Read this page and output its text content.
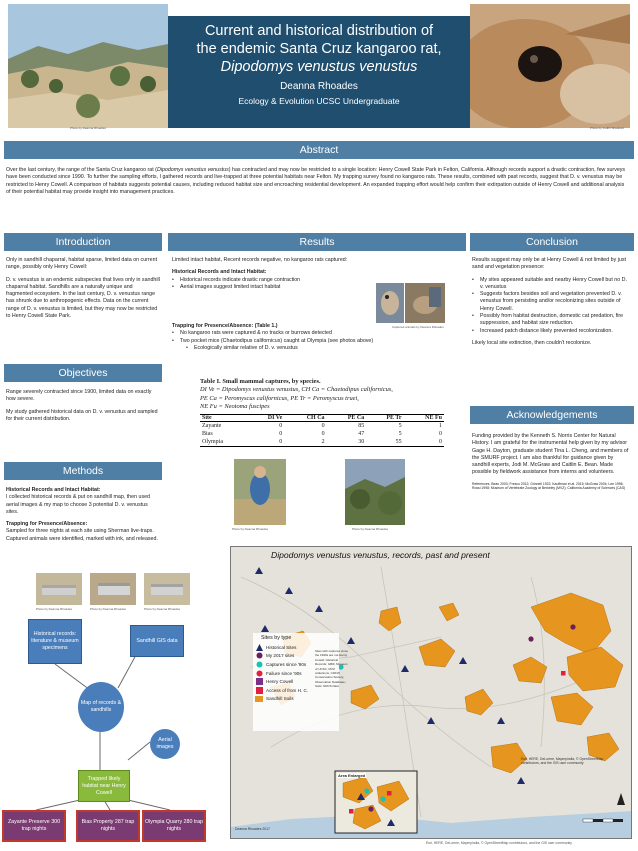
Photo by Deanna Rhoades
Current and historical distribution of
the endemic Santa Cruz kangaroo rat,
Dipodomys venustus venustus
Deanna Rhoades
Ecology & Evolution UCSC Undergraduate
Photo by Judith Shadows
Abstract
Over the last century, the range of the Santa Cruz kangaroo rat (Dipodomys venustus venustus) has contracted and may now be restricted to a single location: Henry Cowell State Park in Felton, California. Although records support a drastic contraction, few surveys have been conducted since 1990. To further the sampling efforts, I gathered records and live-trapped at three potential habitats near Felton. My trapping survey found no kangaroo rats. These results, combined with past records, suggest that D. v. venustus may be restricted to Henry Cowell. A comparison of habitats suggests potential causes, including reduced habitat size and encroaching residential development. An expanded trapping effort would help confirm their extirpation outside of Henry Cowell and additional analysis of their potential habitat may provide insight into management practices.
Introduction

Only in sandhill chaparral, habitat sparse, limited data on current range, possibly only Henry Cowell:

D. v. venustus is an endemic subspecies that lives only in sandhill chaparral habitat. Sandhills are a naturally unique and fragmented ecosystem. In the last century, D. v. venustus range has shrunk due to anthropogenic effects. Data on the current range of D. v. venustus is limited, but they may now be restricted to Henry Cowell State Park.

Objectives

Range severely contracted since 1900, limited data on exactly how severe.

My study gathered historical data on D. v. venustus and sampled for their current distribution.

Methods

Historical Records and Intact Habitat:
I collected historical records & put on sandhill map, then used aerial images & my map to choose 3 potential D. v. venustus sites.

Trapping for Presence/Absence:
Sampled for three nights at each site using Sherman live-traps. Captured animals were identified, marked with ink, and released.

Photo by Deanna Rhoades	Photo by Deanna Rhoades	Photo by Deanna Rhoades
Historical records: literature & museum specimens
Sandhill GIS data
Map of records & sandhills
Aerial images
Trapped likely habitat near Henry Cowell
Zayante Preserve 300 trap nights
Bias Property 287 trap nights
Olympia Quarry 280 trap nights
Results

Limited intact habitat, Recent records negative, no kangaroo rats captured:

Historical Records and Intact Habitat:

• Historical records indicate drastic range contraction
• Aerial images suggest limited intact habitat

Trapping for Presence/Absence: (Table 1.)

• No kangaroo rats were captured & no tracks or burrows detected
• Two pocket mice (Chaetodipus californicus) caught at Olympia (see photos above)
• Ecologically similar relative of D. v. venustus
Captured animals by Deanna Rhoades
Table I. Small mammal captures, by species.
DI Ve = Dipodomys venustus venustus, CH Ca = Chaetodipus californicus,
PE Ca = Peromyscus californicus, PE Tr = Peromyscus truei,
NE Fu = Neotoma fuscipes
Site	DI Ve	CH Ca	PE Ca	PE Tr	NE Fu
Zayante	0	0	85	5	1
Bias	0	0	47	5	0
Olympia	0	2	30	55	0
Photo by Deanna Rhoades	Photo by Deanna Rhoades
Dipodomys venustus venustus, records, past and present
Sites by type
Historical Sites
My 2017 sites
Captures since '90s
Failure since '90s
Henry Cowell
Access of from H. C.
Sandhill Soils
Sites with captures since the 1990s are not Henry Cowell. Historical Records: GBIF, Museum of UCSC, MVZ collections, CDFW, Conservation Society, Observation Database; Soils: NRCS Data
Area Enlarged
Deanna Rhoades 2017
Esri, HERE, DeLorme, Mapmyindia, © OpenStreetMap contributors, and the GIS user community
Esri, HERE, DeLorme, Mapmyindia, © OpenStreetMap contributors, and the GIS user community
Conclusion

Results suggest may only be at Henry Cowell & not limited by just sand and vegetation presence:

• My sites appeared suitable and nearby Henry Cowell but no D. v. venustus
• Suggests factors besides soil and vegetation prevented D. v. venustus from persisting and/or recolonizing sites outside of Henry Cowell.
• Possibly from habitat destruction, domestic cat predation, fire suppression, and habitat size reduction.
• Increased patch distance likely prevented recolonization.

Likely local site extinction, then couldn't recolonize.

Acknowledgements

Funding provided by the Kenneth S. Norris Center for Natural History. I am grateful for the instrumental help given by my advisor Gage H. Dayton, graduate student Tina L. Cheng, and members of the SMURF project. I am also thankful for guidance given by sandhill experts, Jodi M. McGraw and Caitlin E. Bean. Made possible by fieldwork assistance from interns and volunteers.

References: Bean 2003; Fresco 2012; Grinnell 1922; Kauffman et al. 2015; McGraw 2004; Lee 1996; Rossi 1998; Museum of Vertebrate Zoology at Berkeley (MVZ); California Academy of Sciences (CAS)
